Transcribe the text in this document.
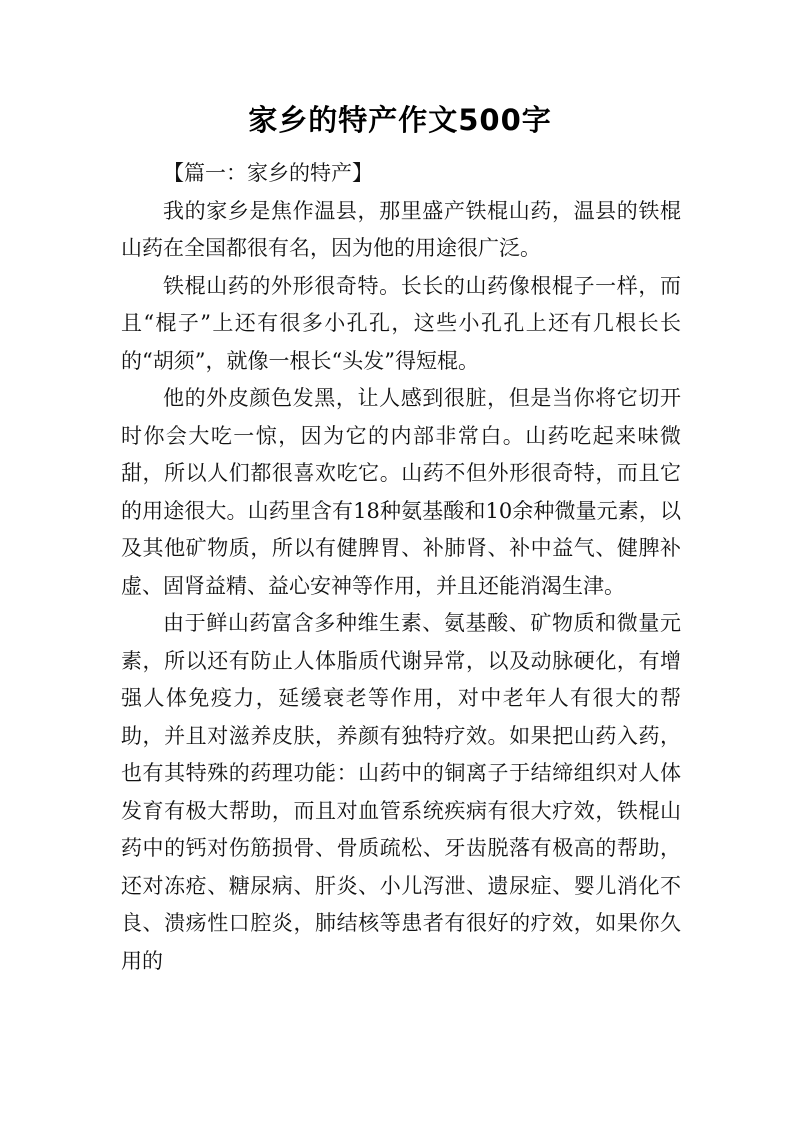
家乡的特产作文500字

【篇一：家乡的特产】

我的家乡是焦作温县，那里盛产铁棍山药，温县的铁棍山药在全国都很有名，因为他的用途很广泛。

铁棍山药的外形很奇特。长长的山药像根棍子一样，而且“棍子”上还有很多小孔孔，这些小孔孔上还有几根长长的“胡须”，就像一根长“头发”得短棍。

他的外皮颜色发黑，让人感到很脏，但是当你将它切开时你会大吃一惊，因为它的内部非常白。山药吃起来味微甜，所以人们都很喜欢吃它。山药不但外形很奇特，而且它的用途很大。山药里含有18种氨基酸和10余种微量元素，以及其他矿物质，所以有健脾胃、补肺肾、补中益气、健脾补虚、固肾益精、益心安神等作用，并且还能消渴生津。

由于鲜山药富含多种维生素、氨基酸、矿物质和微量元素，所以还有防止人体脂质代谢异常，以及动脉硬化，有增强人体免疫力，延缓衰老等作用，对中老年人有很大的帮助，并且对滋养皮肤，养颜有独特疗效。如果把山药入药，也有其特殊的药理功能：山药中的铜离子于结缔组织对人体发育有极大帮助，而且对血管系统疾病有很大疗效，铁棍山药中的钙对伤筋损骨、骨质疏松、牙齿脱落有极高的帮助，还对冻疮、糖尿病、肝炎、小儿泻泄、遗尿症、婴儿消化不良、溃疡性口腔炎，肺结核等患者有很好的疗效，如果你久用的
